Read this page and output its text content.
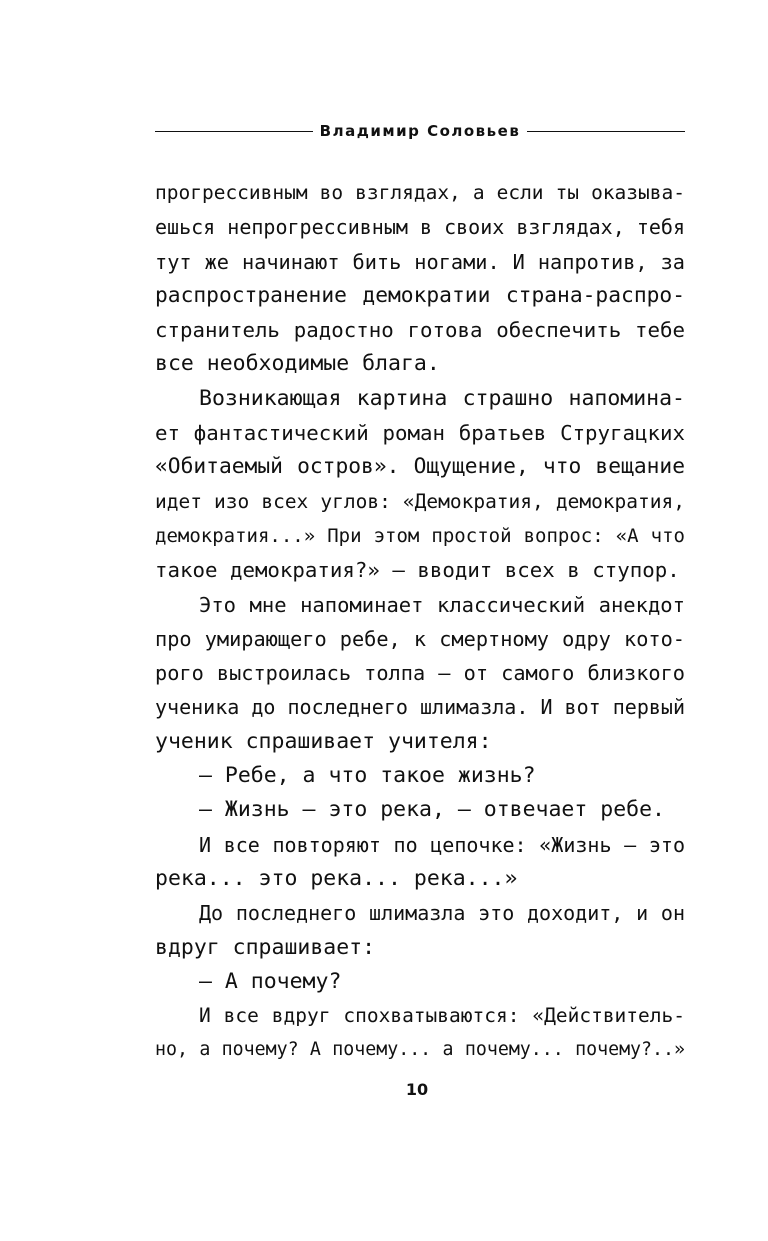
Владимир Соловьев
прогрессивным во взглядах, а если ты оказыва-
ешься непрогрессивным в своих взглядах, тебя
тут же начинают бить ногами. И напротив, за
распространение демократии страна-распро-
странитель радостно готова обеспечить тебе
все необходимые блага.
Возникающая картина страшно напомина-
ет фантастический роман братьев Стругацких
«Обитаемый остров». Ощущение, что вещание
идет изо всех углов: «Демократия, демократия,
демократия...» При этом простой вопрос: «А что
такое демократия?» — вводит всех в ступор.
Это мне напоминает классический анекдот
про умирающего ребе, к смертному одру кото-
рого выстроилась толпа — от самого близкого
ученика до последнего шлимазла. И вот первый
ученик спрашивает учителя:
— Ребе, а что такое жизнь?
— Жизнь — это река, — отвечает ребе.
И все повторяют по цепочке: «Жизнь — это
река... это река... река...»
До последнего шлимазла это доходит, и он
вдруг спрашивает:
— А почему?
И все вдруг спохватываются: «Действитель-
но, а почему? А почему... а почему... почему?..»
10
